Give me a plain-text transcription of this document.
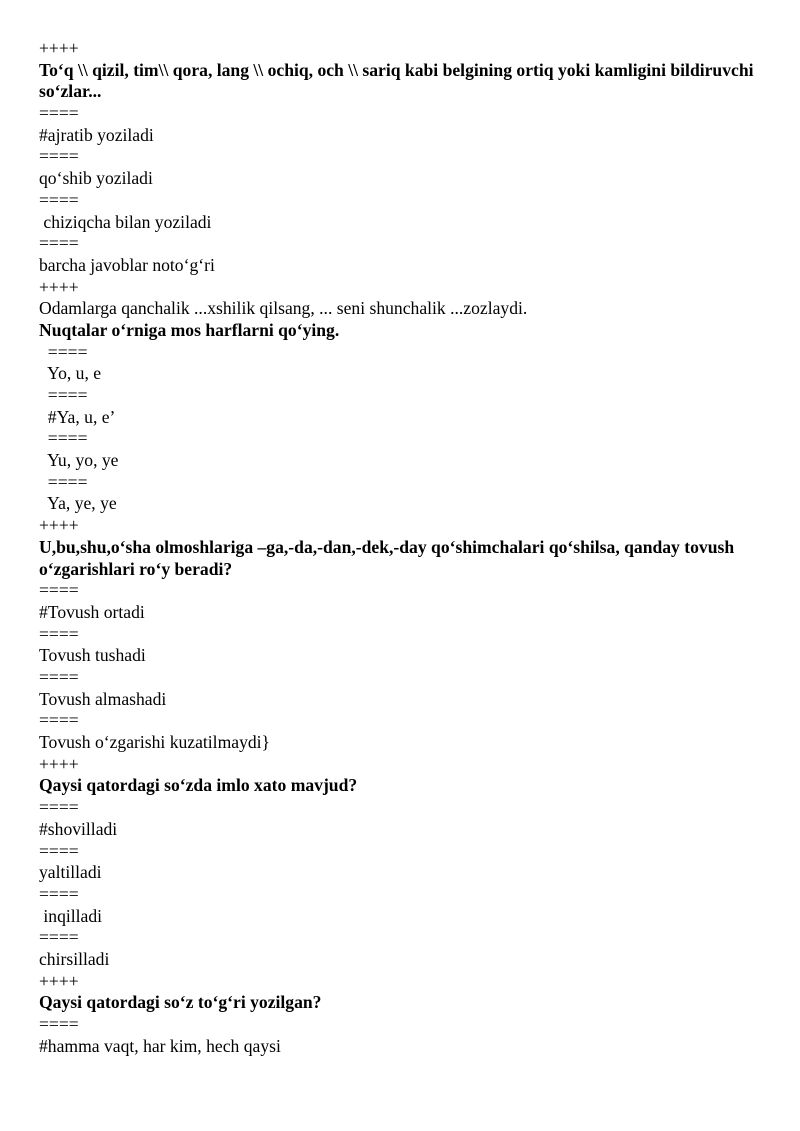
++++
To‘q \\ qizil, tim\\ qora, lang \\ ochiq, och \\ sariq kabi belgining ortiq yoki kamligini bildiruvchi so‘zlar...
====
#ajratib yoziladi
====
qo‘shib yoziladi
====
chiziqcha bilan yoziladi
====
barcha javoblar noto‘g‘ri
++++
Odamlarga qanchalik ...xshilik qilsang, ... seni shunchalik ...zozlaydi.
Nuqtalar o‘rniga mos harflarni qo‘ying.
====
Yo, u, e
====
#Ya, u, e’
====
Yu, yo, ye
====
Ya, ye, ye
++++
U,bu,shu,o‘sha olmoshlariga –ga,-da,-dan,-dek,-day qo‘shimchalari qo‘shilsa, qanday tovush o‘zgarishlari ro‘y beradi?
====
#Tovush ortadi
====
Tovush tushadi
====
Tovush almashadi
====
Tovush o‘zgarishi kuzatilmaydi}
++++
Qaysi qatordagi so‘zda imlo xato mavjud?
====
#shovilladi
====
yaltilladi
====
inqilladi
====
chirsilladi
++++
Qaysi qatordagi so‘z to‘g‘ri yozilgan?
====
#hamma vaqt, har kim, hech qaysi
